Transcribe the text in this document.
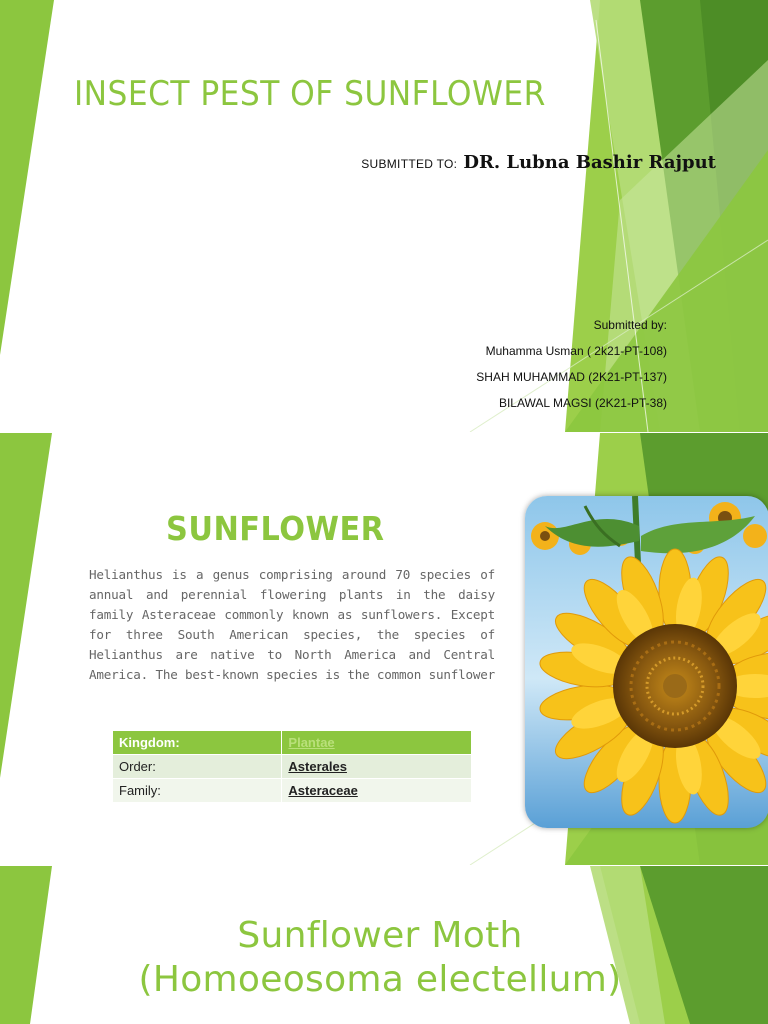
INSECT PEST OF SUNFLOWER
SUBMITTED TO: DR. Lubna Bashir Rajput
Submitted by:
Muhamma Usman ( 2k21-PT-108)
SHAH MUHAMMAD (2K21-PT-137)
BILAWAL MAGSI (2K21-PT-38)
SUNFLOWER

Helianthus is a genus comprising around 70 species of annual and perennial flowering plants in the daisy family Asteraceae commonly known as sunflowers. Except for three South American species, the species of Helianthus are native to North America and Central America. The best-known species is the common sunflower

Kingdom:	Plantae
Order:	Asterales
Family:	Asteraceae
Sunflower Moth
(Homoeosoma electellum)
